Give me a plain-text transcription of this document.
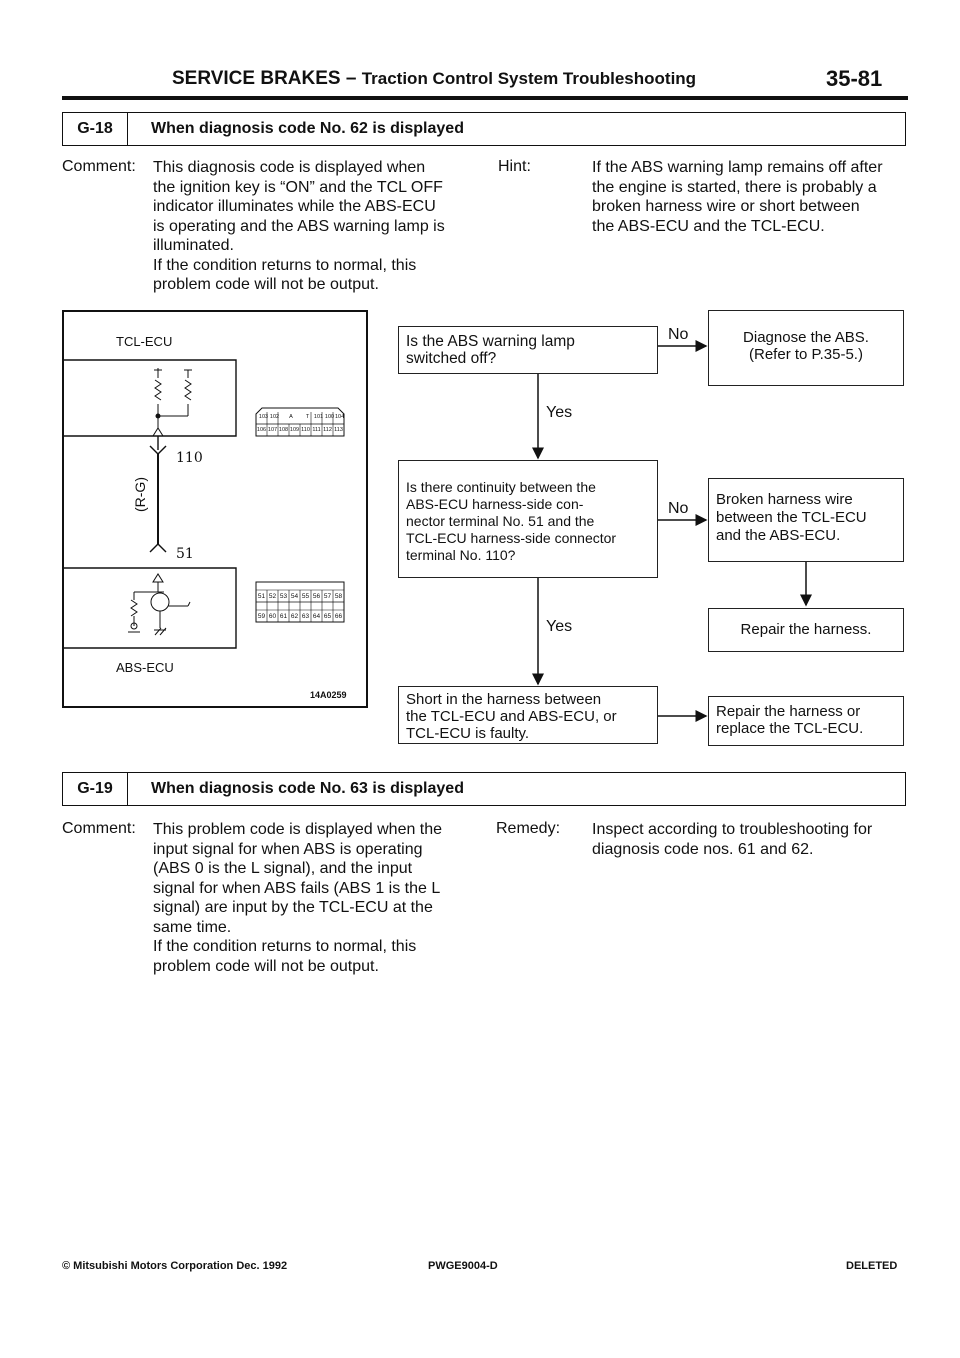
SERVICE BRAKES – Traction Control System Troubleshooting	35-81
G-18	When diagnosis code No. 62 is displayed
Comment: This diagnosis code is displayed when

the ignition key is “ON” and the TCL OFF

indicator illuminates while the ABS-ECU

is operating and the ABS warning lamp is

illuminated.

If the condition returns to normal, this

problem code will not be output.

Hint:	If the ABS warning lamp remains off after

the engine is started, there is probably a

broken harness wire or short between

the ABS-ECU and the TCL-ECU.

TCL-ECU
ABS-ECU
110
51
(R-G)
14A0259
103 102	A	T 101 100 104
106 107 108 109 110 111 112 113
51 52 53 54 55 56 57 58
59 60 61 62 63 64 65 66
Is the ABS warning lamp
switched off?
No	Diagnose the ABS.
(Refer to P.35-5.)
Yes
Is there continuity between the
ABS-ECU harness-side con-
nector terminal No. 51 and the
TCL-ECU harness-side connector
terminal No. 110?
No
Broken harness wire
between the TCL-ECU
and the ABS-ECU.
Repair the harness.
Yes
Short in the harness between
the TCL-ECU and ABS-ECU, or
TCL-ECU is faulty.
Repair the harness or
replace the TCL-ECU.
G-19	When diagnosis code No. 63 is displayed
Comment: This problem code is displayed when the

input signal for when ABS is operating

(ABS 0 is the L signal), and the input

signal for when ABS fails (ABS 1 is the L

signal) are input by the TCL-ECU at the

same time.

If the condition returns to normal, this

problem code will not be output.

Remedy: Inspect according to troubleshooting for

diagnosis code nos. 61 and 62.

© Mitsubishi Motors Corporation Dec. 1992	PWGE9004-D	DELETED
